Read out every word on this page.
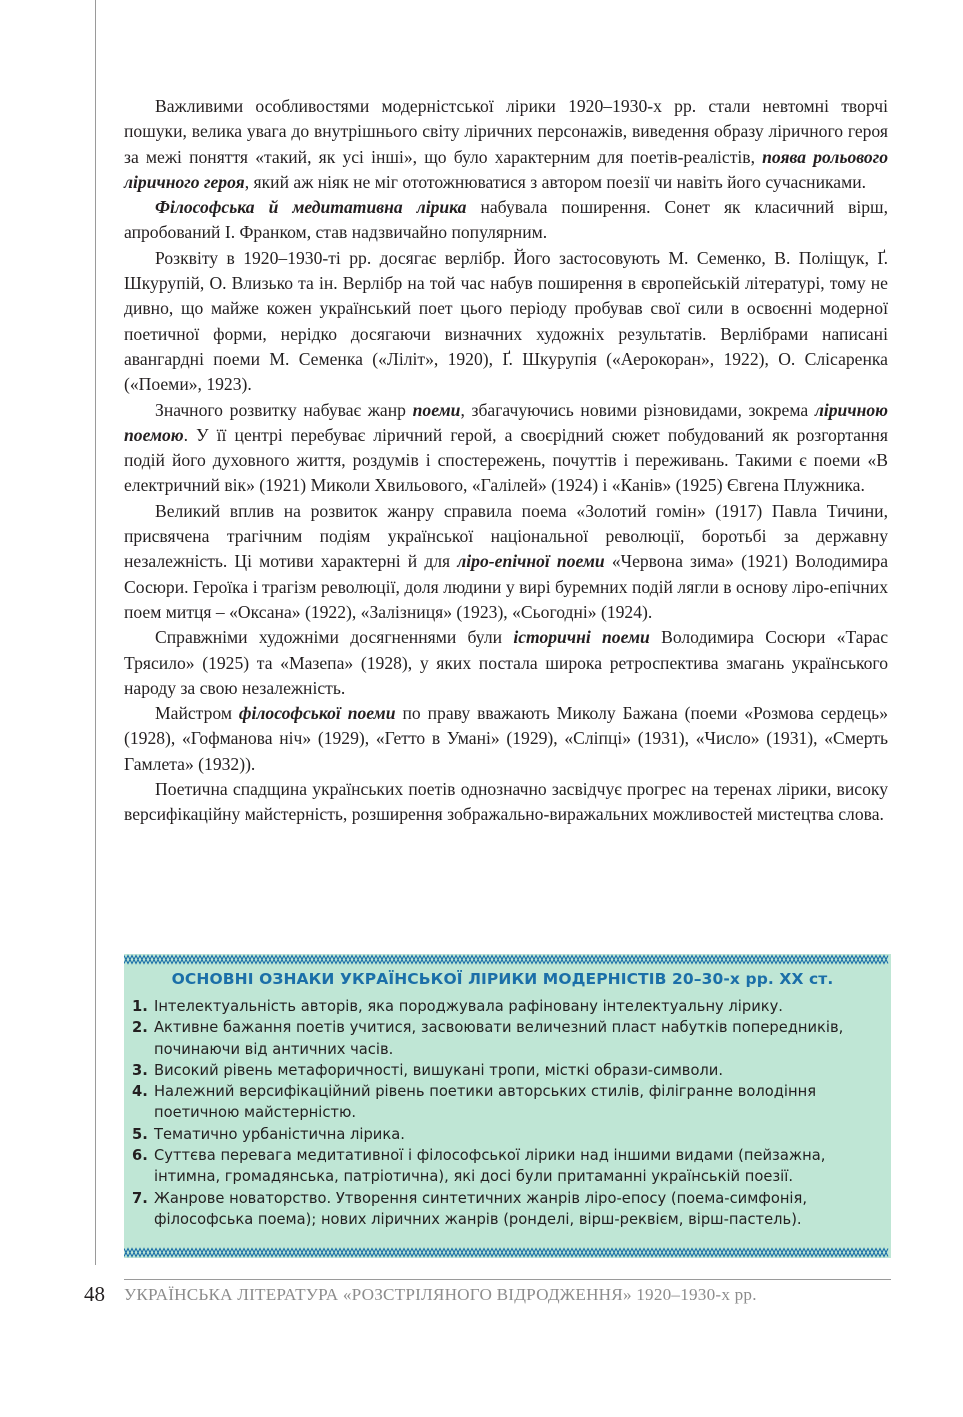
Важливими особливостями модерністської лірики 1920–1930-х рр. стали невтомні творчі пошуки, велика увага до внутрішнього світу ліричних персонажів, виведення образу ліричного героя за межі поняття «такий, як усі інші», що було характерним для поетів-реалістів, поява рольового ліричного героя, який аж ніяк не міг ототожнюватися з автором поезії чи навіть його сучасниками.

Філософська й медитативна лірика набувала поширення. Сонет як класичний вірш, апробований І. Франком, став надзвичайно популярним.

Розквіту в 1920–1930-ті рр. досягає верлібр. Його застосовують М. Семенко, В. Поліщук, Ґ. Шкурупій, О. Влизько та ін. Верлібр на той час набув поширення в європейській літературі, тому не дивно, що майже кожен український поет цього періоду пробував свої сили в освоєнні модерної поетичної форми, нерідко досягаючи визначних художніх результатів. Верлібрами написані авангардні поеми М. Семенка («Ліліт», 1920), Ґ. Шкурупія («Аерокоран», 1922), О. Слісаренка («Поеми», 1923).

Значного розвитку набуває жанр поеми, збагачуючись новими різновидами, зокрема ліричною поемою. У її центрі перебуває ліричний герой, а своєрідний сюжет побудований як розгортання подій його духовного життя, роздумів і спостережень, почуттів і переживань. Такими є поеми «В електричний вік» (1921) Миколи Хвильового, «Галілей» (1924) і «Канів» (1925) Євгена Плужника.

Великий вплив на розвиток жанру справила поема «Золотий гомін» (1917) Павла Тичини, присвячена трагічним подіям української національної революції, боротьбі за державну незалежність. Ці мотиви характерні й для ліро-епічної поеми «Червона зима» (1921) Володимира Сосюри. Героїка і трагізм революції, доля людини у вирі буремних подій лягли в основу ліро-епічних поем митця – «Оксана» (1922), «Залізниця» (1923), «Сьогодні» (1924).

Справжніми художніми досягненнями були історичні поеми Володимира Сосюри «Тарас Трясило» (1925) та «Мазепа» (1928), у яких постала широка ретроспектива змагань українського народу за свою незалежність.

Майстром філософської поеми по праву вважають Миколу Бажана (поеми «Розмова сердець» (1928), «Гофманова ніч» (1929), «Гетто в Умані» (1929), «Сліпці» (1931), «Число» (1931), «Смерть Гамлета» (1932)).

Поетична спадщина українських поетів однозначно засвідчує прогрес на теренах лірики, високу версифікаційну майстерність, розширення зображально-виражальних можливостей мистецтва слова.

ОСНОВНІ ОЗНАКИ УКРАЇНСЬКОЇ ЛІРИКИ МОДЕРНІСТІВ 20–30-х рр. XX ст.
1. Інтелектуальність авторів, яка породжувала рафіновану інтелектуальну лірику.
2. Активне бажання поетів учитися, засвоювати величезний пласт набутків попередників, починаючи від античних часів.
3. Високий рівень метафоричності, вишукані тропи, місткі образи-символи.
4. Належний версифікаційний рівень поетики авторських стилів, філігранне володіння поетичною майстерністю.
5. Тематично урбаністична лірика.
6. Суттєва перевага медитативної і філософської лірики над іншими видами (пейзажна, інтимна, громадянська, патріотична), які досі були притаманні українській поезії.
7. Жанрове новаторство. Утворення синтетичних жанрів ліро-епосу (поема-симфонія, філософська поема); нових ліричних жанрів (ронделі, вірш-реквієм, вірш-пастель).
48 УКРАЇНСЬКА ЛІТЕРАТУРА «РОЗСТРІЛЯНОГО ВІДРОДЖЕННЯ» 1920–1930-х рр.
